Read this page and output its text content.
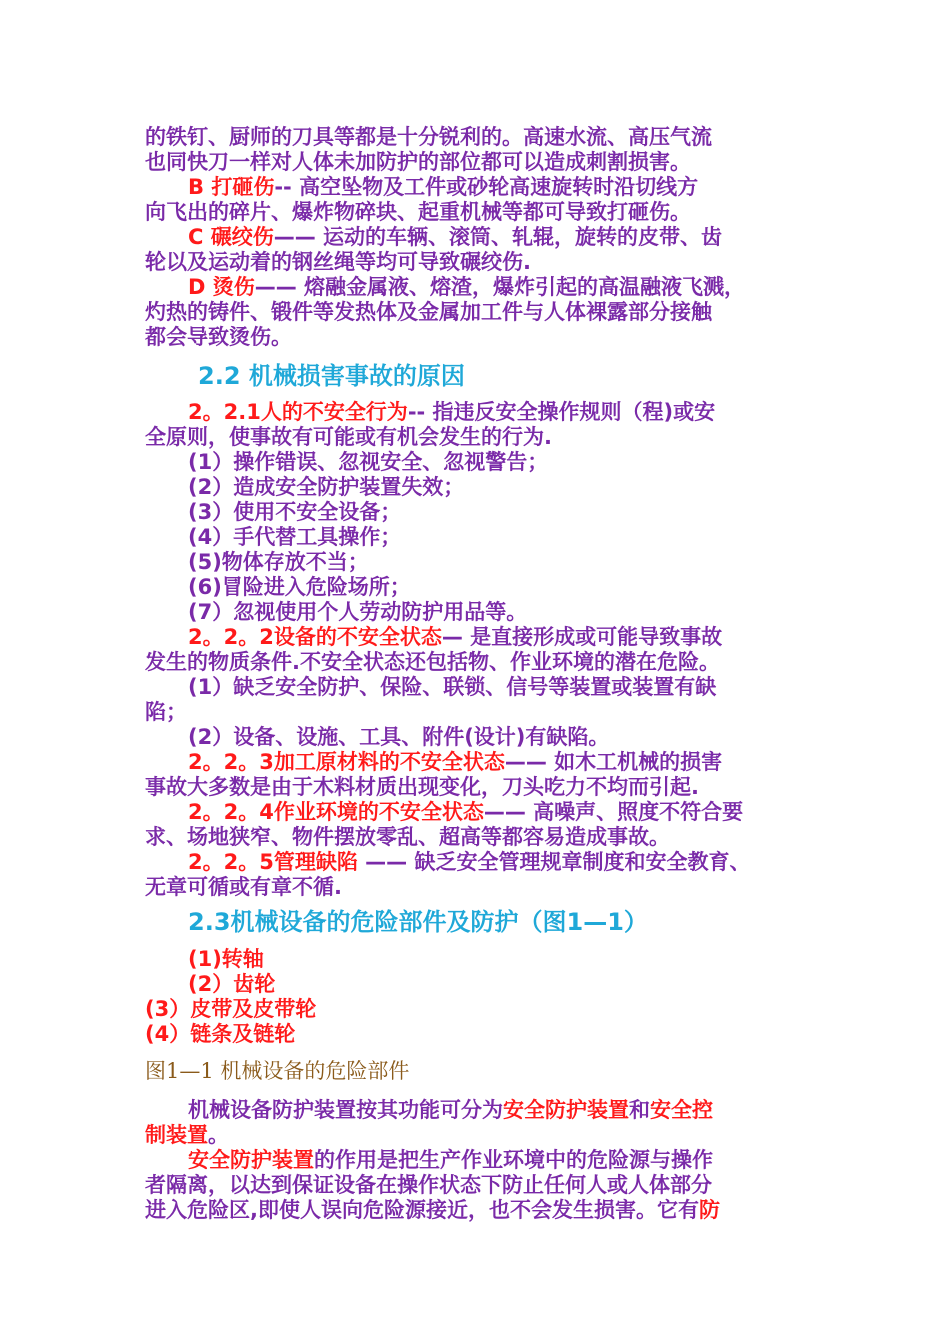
的铁钉、厨师的刀具等都是十分锐利的。高速水流、高压气流
也同快刀一样对人体未加防护的部位都可以造成刺割损害。
B 打砸伤-- 高空坠物及工件或砂轮高速旋转时沿切线方
向飞出的碎片、爆炸物碎块、起重机械等都可导致打砸伤。
C 碾绞伤—— 运动的车辆、滚筒、轧辊，旋转的皮带、齿
轮以及运动着的钢丝绳等均可导致碾绞伤.
D 烫伤—— 熔融金属液、熔渣，爆炸引起的高温融液飞溅，
灼热的铸件、锻件等发热体及金属加工件与人体裸露部分接触
都会导致烫伤。
2.2 机械损害事故的原因
2。2.1人的不安全行为-- 指违反安全操作规则（程)或安
全原则，使事故有可能或有机会发生的行为.
(1）操作错误、忽视安全、忽视警告；
(2）造成安全防护装置失效；
(3）使用不安全设备；
(4）手代替工具操作；
(5)物体存放不当；
(6)冒险进入危险场所；
(7）忽视使用个人劳动防护用品等。
2。2。2设备的不安全状态— 是直接形成或可能导致事故
发生的物质条件.不安全状态还包括物、作业环境的潜在危险。
(1）缺乏安全防护、保险、联锁、信号等装置或装置有缺
陷；
(2）设备、设施、工具、附件(设计)有缺陷。
2。2。3加工原材料的不安全状态—— 如木工机械的损害
事故大多数是由于木料材质出现变化，刀头吃力不均而引起.
2。2。4作业环境的不安全状态—— 高噪声、照度不符合要
求、场地狭窄、物件摆放零乱、超高等都容易造成事故。
2。2。5管理缺陷 —— 缺乏安全管理规章制度和安全教育、
无章可循或有章不循.
2.3机械设备的危险部件及防护（图1—1）
(1)转轴
(2）齿轮
(3）皮带及皮带轮
(4）链条及链轮
图1—1 机械设备的危险部件
机械设备防护装置按其功能可分为安全防护装置和安全控
制装置。
安全防护装置的作用是把生产作业环境中的危险源与操作
者隔离，以达到保证设备在操作状态下防止任何人或人体部分
进入危险区,即使人误向危险源接近，也不会发生损害。它有防
